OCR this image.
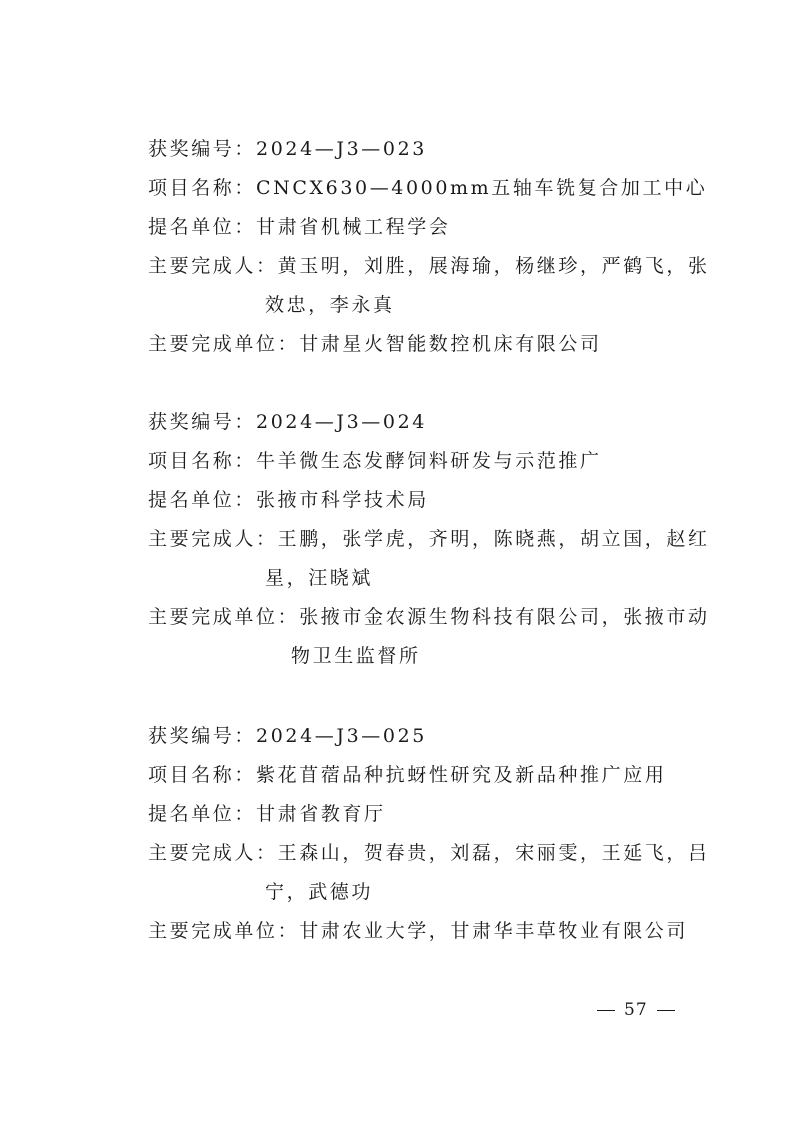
获奖编号：2024—J3—023
项目名称：CNCX630—4000mm五轴车铣复合加工中心
提名单位：甘肃省机械工程学会
主要完成人：黄玉明，刘胜，展海瑜，杨继珍，严鹤飞，张
效忠，李永真
主要完成单位：甘肃星火智能数控机床有限公司
获奖编号：2024—J3—024
项目名称：牛羊微生态发酵饲料研发与示范推广
提名单位：张掖市科学技术局
主要完成人：王鹏，张学虎，齐明，陈晓燕，胡立国，赵红
星，汪晓斌
主要完成单位：张掖市金农源生物科技有限公司，张掖市动
物卫生监督所
获奖编号：2024—J3—025
项目名称：紫花苜蓿品种抗蚜性研究及新品种推广应用
提名单位：甘肃省教育厅
主要完成人：王森山，贺春贵，刘磊，宋丽雯，王延飞，吕
宁，武德功
主要完成单位：甘肃农业大学，甘肃华丰草牧业有限公司
57
